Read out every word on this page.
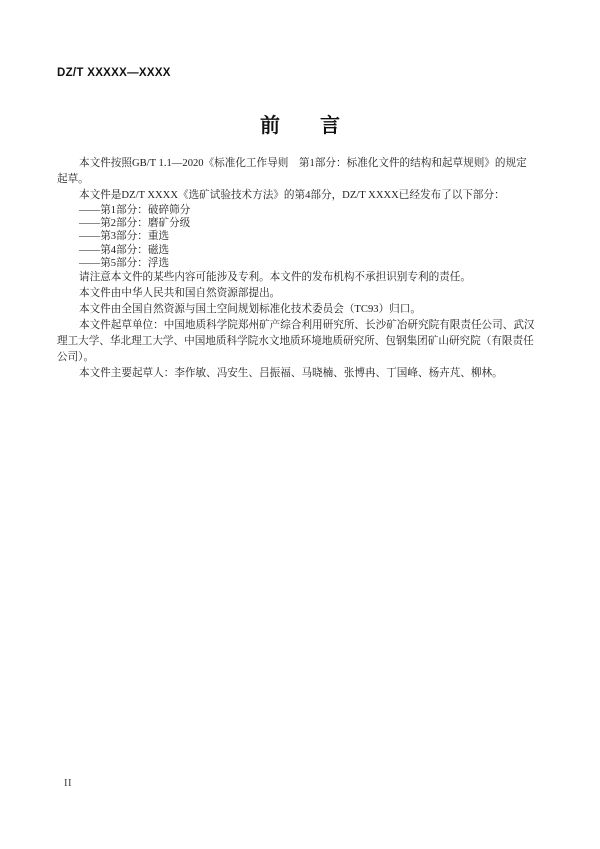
DZ/T XXXXX—XXXX
前　　言
本文件按照GB/T 1.1—2020《标准化工作导则　第1部分：标准化文件的结构和起草规则》的规定
起草。
本文件是DZ/T XXXX《选矿试验技术方法》的第4部分，DZ/T XXXX已经发布了以下部分：
——第1部分：破碎筛分
——第2部分：磨矿分级
——第3部分：重选
——第4部分：磁选
——第5部分：浮选
请注意本文件的某些内容可能涉及专利。本文件的发布机构不承担识别专利的责任。
本文件由中华人民共和国自然资源部提出。
本文件由全国自然资源与国土空间规划标准化技术委员会（TC93）归口。
本文件起草单位：中国地质科学院郑州矿产综合利用研究所、长沙矿冶研究院有限责任公司、武汉
理工大学、华北理工大学、中国地质科学院水文地质环境地质研究所、包钢集团矿山研究院（有限责任
公司）。
本文件主要起草人：李作敏、冯安生、吕振福、马晓楠、张博冉、丁国峰、杨卉芃、柳林。
II
